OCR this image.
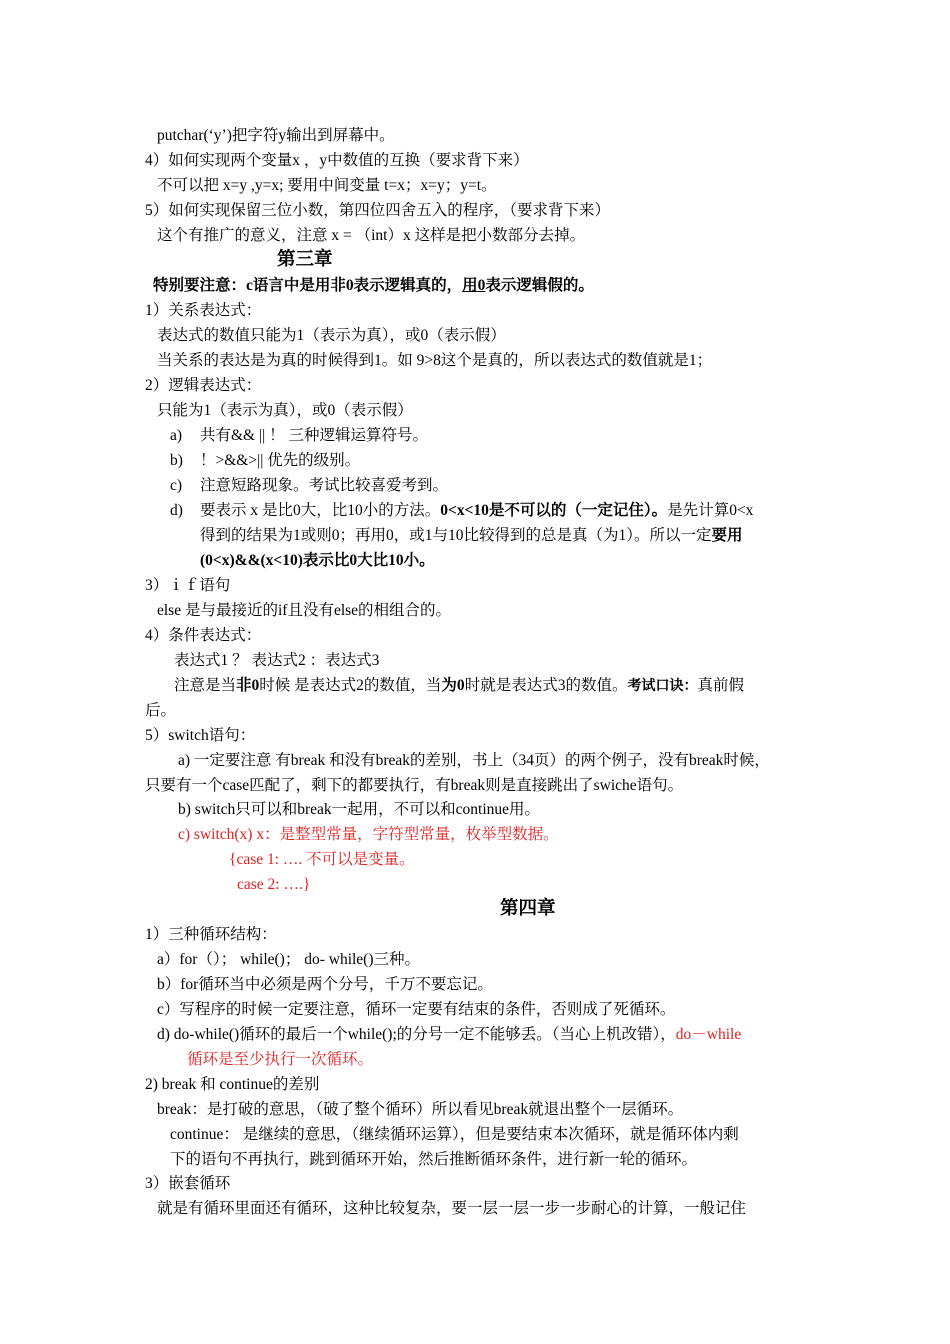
putchar(‘y’)把字符y输出到屏幕中。
4）如何实现两个变量x ，y中数值的互换（要求背下来）
不可以把 x=y ,y=x; 要用中间变量 t=x；x=y；y=t。
5）如何实现保留三位小数，第四位四舍五入的程序，（要求背下来）
这个有推广的意义，注意 x = （int）x 这样是把小数部分去掉。
第三章
特别要注意：c语言中是用非0表示逻辑真的，用0表示逻辑假的。
1）关系表达式：
表达式的数值只能为1（表示为真），或0（表示假）
当关系的表达是为真的时候得到1。如 9>8这个是真的，所以表达式的数值就是1；
2）逻辑表达式：
只能为1（表示为真），或0（表示假）
a) 共有&& || ！ 三种逻辑运算符号。
b) ！>&&>|| 优先的级别。
c) 注意短路现象。考试比较喜爱考到。
d) 要表示 x 是比0大，比10小的方法。0<x<10是不可以的（一定记住）。是先计算0<x
得到的结果为1或则0；再用0，或1与10比较得到的总是真（为1）。所以一定要用
(0<x)&&(x<10)表示比0大比10小。
3）ｉｆ语句
else 是与最接近的if且没有else的相组合的。
4）条件表达式：
表达式1 ？ 表达式2 ：表达式3
注意是当非0时候 是表达式2的数值，当为0时就是表达式3的数值。考试口诀：真前假
后。
5）switch语句：
a) 一定要注意 有break 和没有break的差别，书上（34页）的两个例子，没有break时候，
只要有一个case匹配了，剩下的都要执行，有break则是直接跳出了swiche语句。
b) switch只可以和break一起用，不可以和continue用。
c) switch(x) x：是整型常量，字符型常量，枚举型数据。
{case 1: …. 不可以是变量。
case 2: ….}
第四章
1）三种循环结构：
a）for（）； while()； do- while()三种。
b）for循环当中必须是两个分号，千万不要忘记。
c）写程序的时候一定要注意，循环一定要有结束的条件，否则成了死循环。
d) do-while()循环的最后一个while();的分号一定不能够丢。（当心上机改错），do－while
循环是至少执行一次循环。
2) break 和 continue的差别
break：是打破的意思，（破了整个循环）所以看见break就退出整个一层循环。
continue： 是继续的意思，（继续循环运算），但是要结束本次循环，就是循环体内剩
下的语句不再执行，跳到循环开始，然后推断循环条件，进行新一轮的循环。
3）嵌套循环
就是有循环里面还有循环，这种比较复杂，要一层一层一步一步耐心的计算，一般记住
